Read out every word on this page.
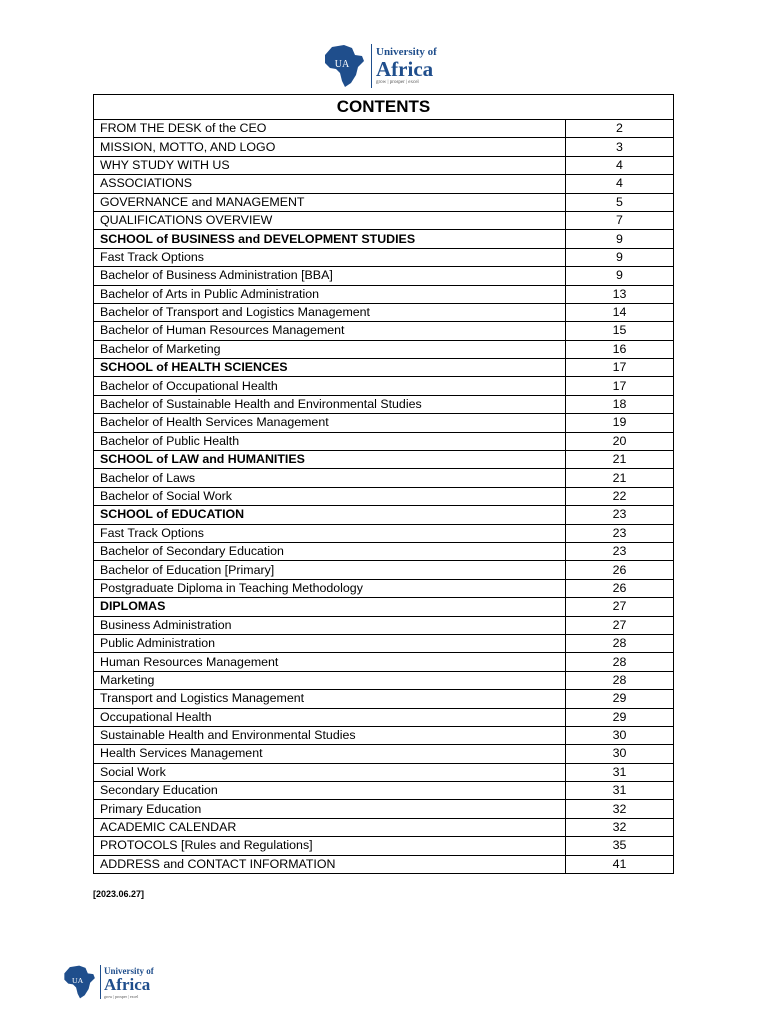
UA
University of
Africa
grow | prosper | excel
CONTENTS	
FROM THE DESK of the CEO	2
MISSION, MOTTO, AND LOGO	3
WHY STUDY WITH US	4
ASSOCIATIONS	4
GOVERNANCE and MANAGEMENT	5
QUALIFICATIONS OVERVIEW	7
SCHOOL of BUSINESS and DEVELOPMENT STUDIES	9
Fast Track Options	9
Bachelor of Business Administration [BBA]	9
Bachelor of Arts in Public Administration	13
Bachelor of Transport and Logistics Management	14
Bachelor of Human Resources Management	15
Bachelor of Marketing	16
SCHOOL of HEALTH SCIENCES	17
Bachelor of Occupational Health	17
Bachelor of Sustainable Health and Environmental Studies	18
Bachelor of Health Services Management	19
Bachelor of Public Health	20
SCHOOL of LAW and HUMANITIES	21
Bachelor of Laws	21
Bachelor of Social Work	22
SCHOOL of EDUCATION	23
Fast Track Options	23
Bachelor of Secondary Education	23
Bachelor of Education [Primary]	26
Postgraduate Diploma in Teaching Methodology	26
DIPLOMAS	27
Business Administration	27
Public Administration	28
Human Resources Management	28
Marketing	28
Transport and Logistics Management	29
Occupational Health	29
Sustainable Health and Environmental Studies	30
Health Services Management	30
Social Work	31
Secondary Education	31
Primary Education	32
ACADEMIC CALENDAR	32
PROTOCOLS [Rules and Regulations]	35
ADDRESS and CONTACT INFORMATION	41
[2023.06.27]
UA
University of
Africa
grow | prosper | excel
